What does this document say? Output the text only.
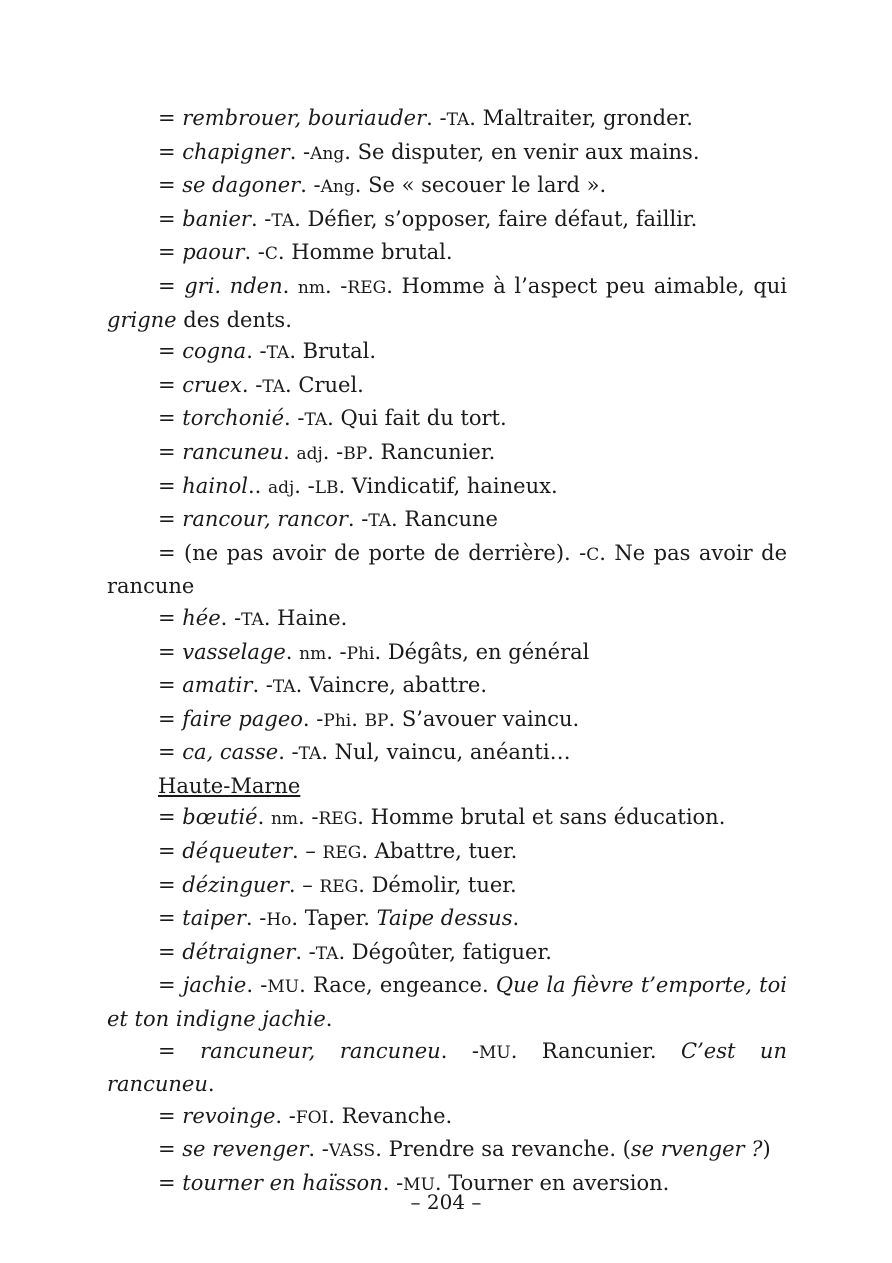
= rembrouer, bouriauder. -TA. Maltraiter, gronder.

= chapigner. -Ang. Se disputer, en venir aux mains.

= se dagoner. -Ang. Se « secouer le lard ».

= banier. -TA. Défier, s’opposer, faire défaut, faillir.

= paour. -C. Homme brutal.

= gri. nden. nm. -REG. Homme à l’aspect peu aimable, qui grigne des dents.

= cogna. -TA. Brutal.

= cruex. -TA. Cruel.

= torchonié. -TA. Qui fait du tort.

= rancuneu. adj. -BP. Rancunier.

= hainol.. adj. -LB. Vindicatif, haineux.

= rancour, rancor. -TA. Rancune

= (ne pas avoir de porte de derrière). -C. Ne pas avoir de rancune

= hée. -TA. Haine.

= vasselage. nm. -Phi. Dégâts, en général

= amatir. -TA. Vaincre, abattre.

= faire pageo. -Phi. BP. S’avouer vaincu.

= ca, casse. -TA. Nul, vaincu, anéanti…

Haute-Marne

= bœutié. nm. -REG. Homme brutal et sans éducation.

= déqueuter. – REG. Abattre, tuer.

= dézinguer. – REG. Démolir, tuer.

= taiper. -Ho. Taper. Taipe dessus.

= détraigner. -TA. Dégoûter, fatiguer.

= jachie. -MU. Race, engeance. Que la fièvre t’emporte, toi et ton indigne jachie.

= rancuneur, rancuneu. -MU. Rancunier. C’est un rancuneu.

= revoinge. -FOI. Revanche.

= se revenger. -VASS. Prendre sa revanche. (se rvenger ?)

= tourner en haïsson. -MU. Tourner en aversion.

– 204 –
